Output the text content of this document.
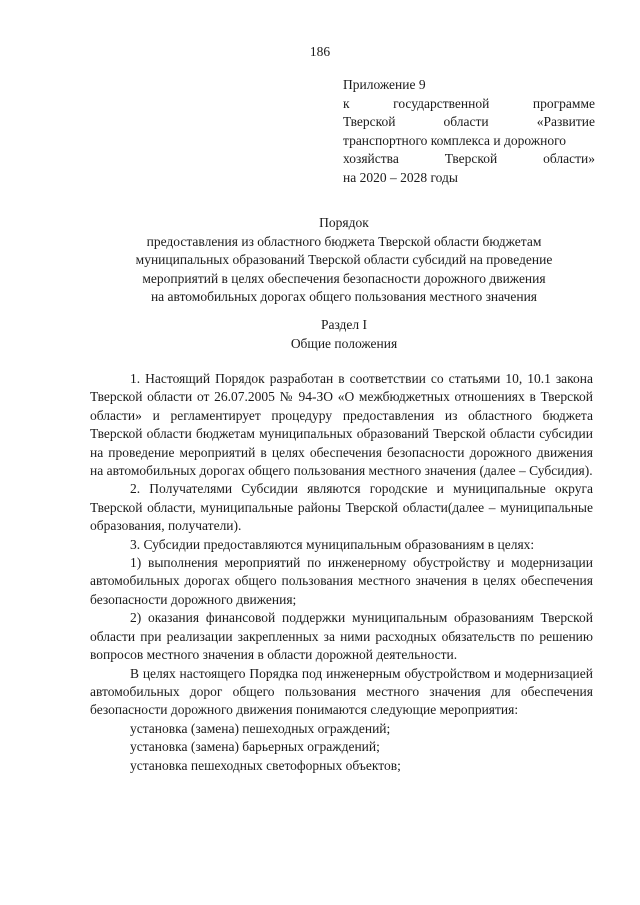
186
Приложение 9
к	государственной	программе
Тверской	области	«Развитие
транспортного комплекса и дорожного
хозяйства	Тверской	области»
на 2020 – 2028 годы
Порядок
предоставления из областного бюджета Тверской области бюджетам
муниципальных образований Тверской области субсидий на проведение
мероприятий в целях обеспечения безопасности дорожного движения
на автомобильных дорогах общего пользования местного значения
Раздел I
Общие положения

1. Настоящий Порядок разработан в соответствии со статьями 10, 10.1 закона Тверской области от 26.07.2005 № 94-ЗО «О межбюджетных отношениях в Тверской области» и регламентирует процедуру предоставления из областного бюджета Тверской области бюджетам муниципальных образований Тверской области субсидии на проведение мероприятий в целях обеспечения безопасности дорожного движения на автомобильных дорогах общего пользования местного значения (далее – Субсидия).

2. Получателями Субсидии являются городские и муниципальные округа Тверской области, муниципальные районы Тверской области(далее – муниципальные образования, получатели).

3. Субсидии предоставляются муниципальным образованиям в целях:

1) выполнения мероприятий по инженерному обустройству и модернизации автомобильных дорогах общего пользования местного значения в целях обеспечения безопасности дорожного движения;

2) оказания финансовой поддержки муниципальным образованиям Тверской области при реализации закрепленных за ними расходных обязательств по решению вопросов местного значения в области дорожной деятельности.

В целях настоящего Порядка под инженерным обустройством и модернизацией автомобильных дорог общего пользования местного значения для обеспечения безопасности дорожного движения понимаются следующие мероприятия:

установка (замена) пешеходных ограждений;

установка (замена) барьерных ограждений;

установка пешеходных светофорных объектов;
